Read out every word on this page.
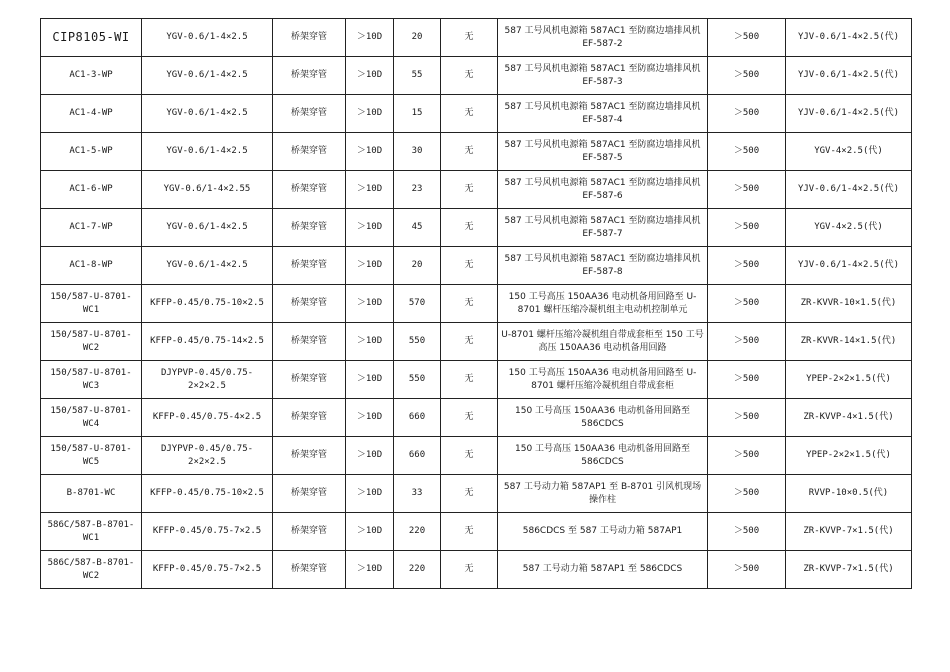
CIP8105-WI	YGV-0.6/1-4×2.5	桥架穿管	＞10D	20	无	587 工号风机电源箱 587AC1 至防腐边墙排风机 EF-587-2	＞500	YJV-0.6/1-4×2.5(代)
AC1-3-WP	YGV-0.6/1-4×2.5	桥架穿管	＞10D	55	无	587 工号风机电源箱 587AC1 至防腐边墙排风机 EF-587-3	＞500	YJV-0.6/1-4×2.5(代)
AC1-4-WP	YGV-0.6/1-4×2.5	桥架穿管	＞10D	15	无	587 工号风机电源箱 587AC1 至防腐边墙排风机 EF-587-4	＞500	YJV-0.6/1-4×2.5(代)
AC1-5-WP	YGV-0.6/1-4×2.5	桥架穿管	＞10D	30	无	587 工号风机电源箱 587AC1 至防腐边墙排风机 EF-587-5	＞500	YGV-4×2.5(代)
AC1-6-WP	YGV-0.6/1-4×2.55	桥架穿管	＞10D	23	无	587 工号风机电源箱 587AC1 至防腐边墙排风机 EF-587-6	＞500	YJV-0.6/1-4×2.5(代)
AC1-7-WP	YGV-0.6/1-4×2.5	桥架穿管	＞10D	45	无	587 工号风机电源箱 587AC1 至防腐边墙排风机 EF-587-7	＞500	YGV-4×2.5(代)
AC1-8-WP	YGV-0.6/1-4×2.5	桥架穿管	＞10D	20	无	587 工号风机电源箱 587AC1 至防腐边墙排风机 EF-587-8	＞500	YJV-0.6/1-4×2.5(代)
150/587-U-8701-WC1	KFFP-0.45/0.75-10×2.5	桥架穿管	＞10D	570	无	150 工号高压 150AA36 电动机备用回路至 U-8701 螺杆压缩冷凝机组主电动机控制单元	＞500	ZR-KVVR-10×1.5(代)
150/587-U-8701-WC2	KFFP-0.45/0.75-14×2.5	桥架穿管	＞10D	550	无	U-8701 螺杆压缩冷凝机组自带成套柜至 150 工号高压 150AA36 电动机备用回路	＞500	ZR-KVVR-14×1.5(代)
150/587-U-8701-WC3	DJYPVP-0.45/0.75-2×2×2.5	桥架穿管	＞10D	550	无	150 工号高压 150AA36 电动机备用回路至 U-8701 螺杆压缩冷凝机组自带成套柜	＞500	YPEP-2×2×1.5(代)
150/587-U-8701-WC4	KFFP-0.45/0.75-4×2.5	桥架穿管	＞10D	660	无	150 工号高压 150AA36 电动机备用回路至 586CDCS	＞500	ZR-KVVP-4×1.5(代)
150/587-U-8701-WC5	DJYPVP-0.45/0.75-2×2×2.5	桥架穿管	＞10D	660	无	150 工号高压 150AA36 电动机备用回路至 586CDCS	＞500	YPEP-2×2×1.5(代)
B-8701-WC	KFFP-0.45/0.75-10×2.5	桥架穿管	＞10D	33	无	587 工号动力箱 587AP1 至 B-8701 引风机现场操作柱	＞500	RVVP-10×0.5(代)
586C/587-B-8701-WC1	KFFP-0.45/0.75-7×2.5	桥架穿管	＞10D	220	无	586CDCS 至 587 工号动力箱 587AP1	＞500	ZR-KVVP-7×1.5(代)
586C/587-B-8701-WC2	KFFP-0.45/0.75-7×2.5	桥架穿管	＞10D	220	无	587 工号动力箱 587AP1 至 586CDCS	＞500	ZR-KVVP-7×1.5(代)
